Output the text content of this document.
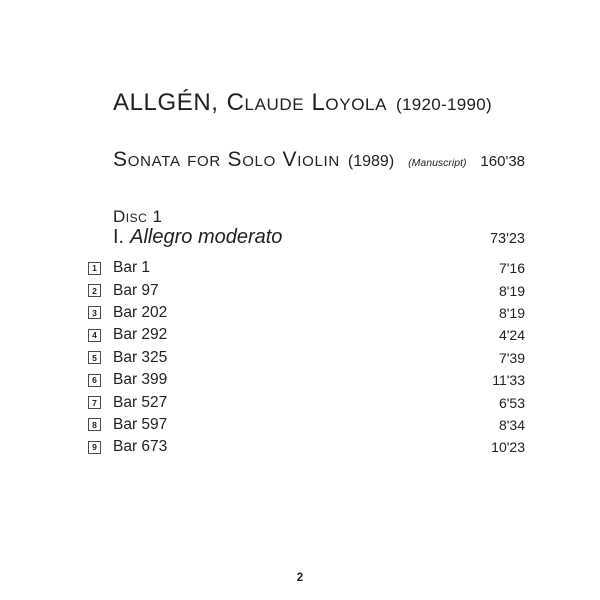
ALLGÉN, Claude Loyola (1920-1990)
Sonata for Solo Violin (1989) (Manuscript) 160'38
Disc 1
I. Allegro moderato	73'23
1 Bar 1	7'16
2 Bar 97	8'19
3 Bar 202	8'19
4 Bar 292	4'24
5 Bar 325	7'39
6 Bar 399	11'33
7 Bar 527	6'53
8 Bar 597	8'34
9 Bar 673	10'23
2
